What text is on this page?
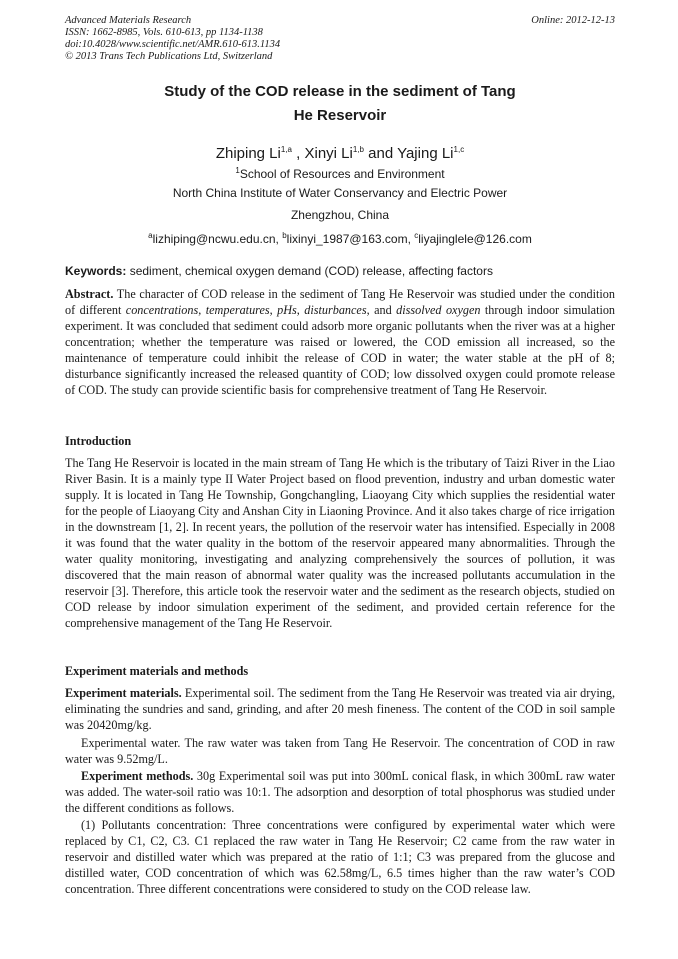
Advanced Materials Research	Online: 2012-12-13
ISSN: 1662-8985, Vols. 610-613, pp 1134-1138
doi:10.4028/www.scientific.net/AMR.610-613.1134
© 2013 Trans Tech Publications Ltd, Switzerland
Study of the COD release in the sediment of Tang
He Reservoir
Zhiping Li$^{1,a}$ , Xinyi Li$^{1,b}$ and Yajing Li$^{1,c}$
$^1$School of Resources and Environment
North China Institute of Water Conservancy and Electric Power
Zhengzhou, China
$^a$lizhiping@ncwu.edu.cn, $^b$lixinyi_1987@163.com, $^c$liyajinglele@126.com
Keywords: sediment, chemical oxygen demand (COD) release, affecting factors
Abstract. The character of COD release in the sediment of Tang He Reservoir was studied under the condition of different concentrations, temperatures, pHs, disturbances, and dissolved oxygen through indoor simulation experiment. It was concluded that sediment could adsorb more organic pollutants when the river was at a higher concentration; whether the temperature was raised or lowered, the COD emission all increased, so the maintenance of temperature could inhibit the release of COD in water; the water stable at the pH of 8; disturbance significantly increased the released quantity of COD; low dissolved oxygen could promote release of COD. The study can provide scientific basis for comprehensive treatment of Tang He Reservoir.
Introduction
The Tang He Reservoir is located in the main stream of Tang He which is the tributary of Taizi River in the Liao River Basin. It is a mainly type II Water Project based on flood prevention, industry and urban domestic water supply. It is located in Tang He Township, Gongchangling, Liaoyang City which supplies the residential water for the people of Liaoyang City and Anshan City in Liaoning Province. And it also takes charge of rice irrigation in the downstream [1, 2]. In recent years, the pollution of the reservoir water has intensified. Especially in 2008 it was found that the water quality in the bottom of the reservoir appeared many abnormalities. Through the water quality monitoring, investigating and analyzing comprehensively the sources of pollution, it was discovered that the main reason of abnormal water quality was the increased pollutants accumulation in the reservoir [3]. Therefore, this article took the reservoir water and the sediment as the research objects, studied on COD release by indoor simulation experiment of the sediment, and provided certain reference for the comprehensive management of the Tang He Reservoir.
Experiment materials and methods
Experiment materials. Experimental soil. The sediment from the Tang He Reservoir was treated via air drying, eliminating the sundries and sand, grinding, and after 20 mesh fineness. The content of the COD in soil sample was 20420mg/kg.
Experimental water. The raw water was taken from Tang He Reservoir. The concentration of COD in raw water was 9.52mg/L.
Experiment methods. 30g Experimental soil was put into 300mL conical flask, in which 300mL raw water was added. The water-soil ratio was 10:1. The adsorption and desorption of total phosphorus was studied under the different conditions as follows.
(1) Pollutants concentration: Three concentrations were configured by experimental water which were replaced by C1, C2, C3. C1 replaced the raw water in Tang He Reservoir; C2 came from the raw water in reservoir and distilled water which was prepared at the ratio of 1:1; C3 was prepared from the glucose and distilled water, COD concentration of which was 62.58mg/L, 6.5 times higher than the raw water’s COD concentration. Three different concentrations were considered to study on the COD release law.
